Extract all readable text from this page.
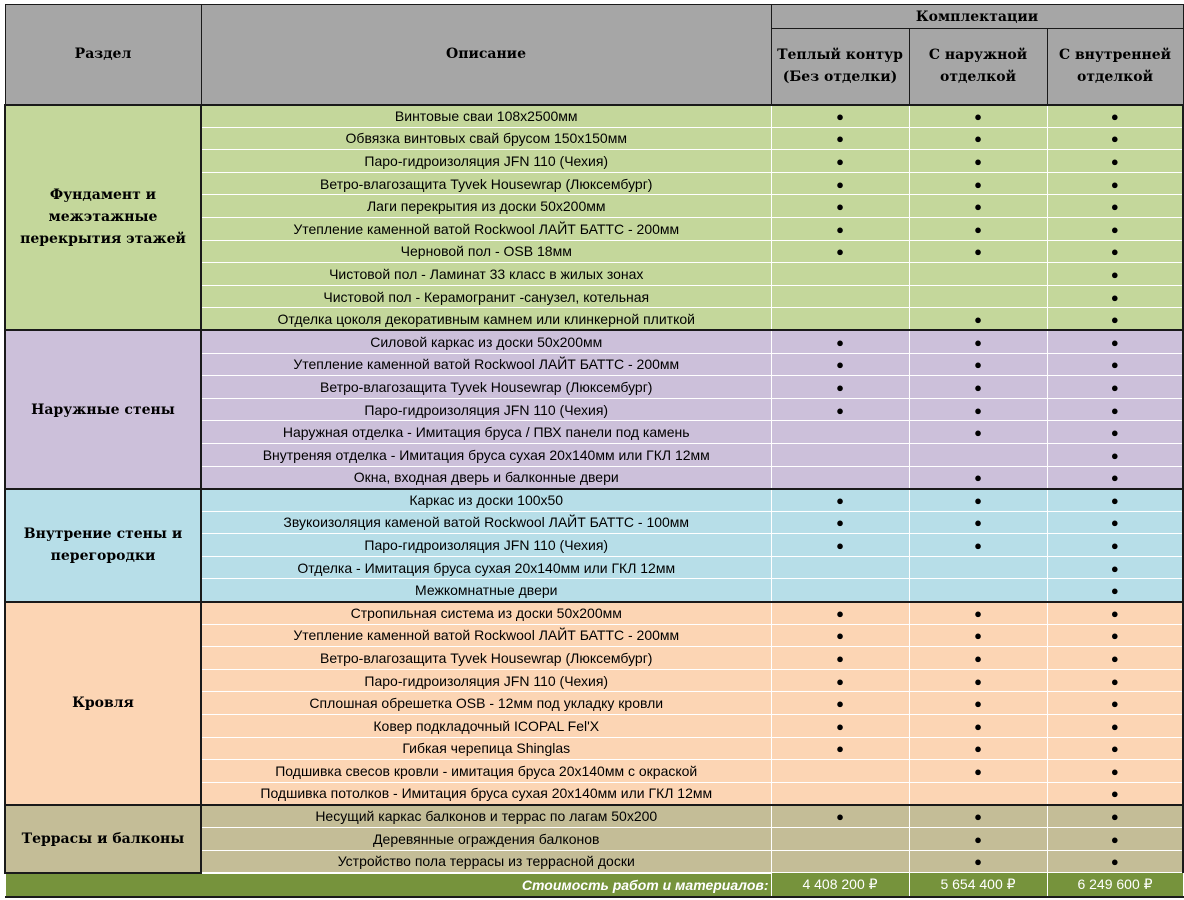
Раздел	Описание	Комплектации		
		Теплый контур (Без отделки)	С наружной отделкой	С внутренней отделкой
Фундамент и межэтажные перекрытия этажей	Винтовые сваи 108х2500мм	●	●	●
	Обвязка винтовых свай брусом 150х150мм	●	●	●
	Паро-гидроизоляция JFN 110 (Чехия)	●	●	●
	Ветро-влагозащита Tyvek Housewrap (Люксембург)	●	●	●
	Лаги перекрытия из доски 50х200мм	●	●	●
	Утепление каменной ватой Rockwool ЛАЙТ БАТТС - 200мм	●	●	●
	Черновой пол - OSB 18мм	●	●	●
	Чистовой пол - Ламинат 33 класс в жилых зонах			●
	Чистовой пол - Керамогранит -санузел, котельная			●
	Отделка цоколя декоративным камнем или клинкерной плиткой		●	●
Наружные стены	Силовой каркас из доски 50х200мм	●	●	●
	Утепление каменной ватой Rockwool ЛАЙТ БАТТС - 200мм	●	●	●
	Ветро-влагозащита Tyvek Housewrap (Люксембург)	●	●	●
	Паро-гидроизоляция JFN 110 (Чехия)	●	●	●
	Наружная отделка - Имитация бруса / ПВХ панели под камень		●	●
	Внутреняя отделка - Имитация бруса сухая 20х140мм или ГКЛ 12мм			●
	Окна, входная дверь и балконные двери		●	●
Внутрение стены и перегородки	Каркас из доски 100х50	●	●	●
	Звукоизоляция каменой ватой Rockwool ЛАЙТ БАТТС - 100мм	●	●	●
	Паро-гидроизоляция JFN 110 (Чехия)	●	●	●
	Отделка - Имитация бруса сухая 20х140мм или ГКЛ 12мм			●
	Межкомнатные двери			●
Кровля	Стропильная система из доски 50х200мм	●	●	●
	Утепление каменной ватой Rockwool ЛАЙТ БАТТС - 200мм	●	●	●
	Ветро-влагозащита Tyvek Housewrap (Люксембург)	●	●	●
	Паро-гидроизоляция JFN 110 (Чехия)	●	●	●
	Сплошная обрешетка OSB - 12мм под укладку кровли	●	●	●
	Ковер подкладочный ICOPAL Fel'X	●	●	●
	Гибкая черепица Shinglas	●	●	●
	Подшивка свесов кровли - имитация бруса 20х140мм с окраской		●	●
	Подшивка потолков - Имитация бруса сухая 20х140мм или ГКЛ 12мм			●
Террасы и балконы	Несущий каркас балконов и террас по лагам 50х200	●	●	●
	Деревянные ограждения балконов		●	●
	Устройство пола террасы из террасной доски		●	●
Стоимость работ и материалов:		4 408 200 ₽	5 654 400 ₽	6 249 600 ₽
